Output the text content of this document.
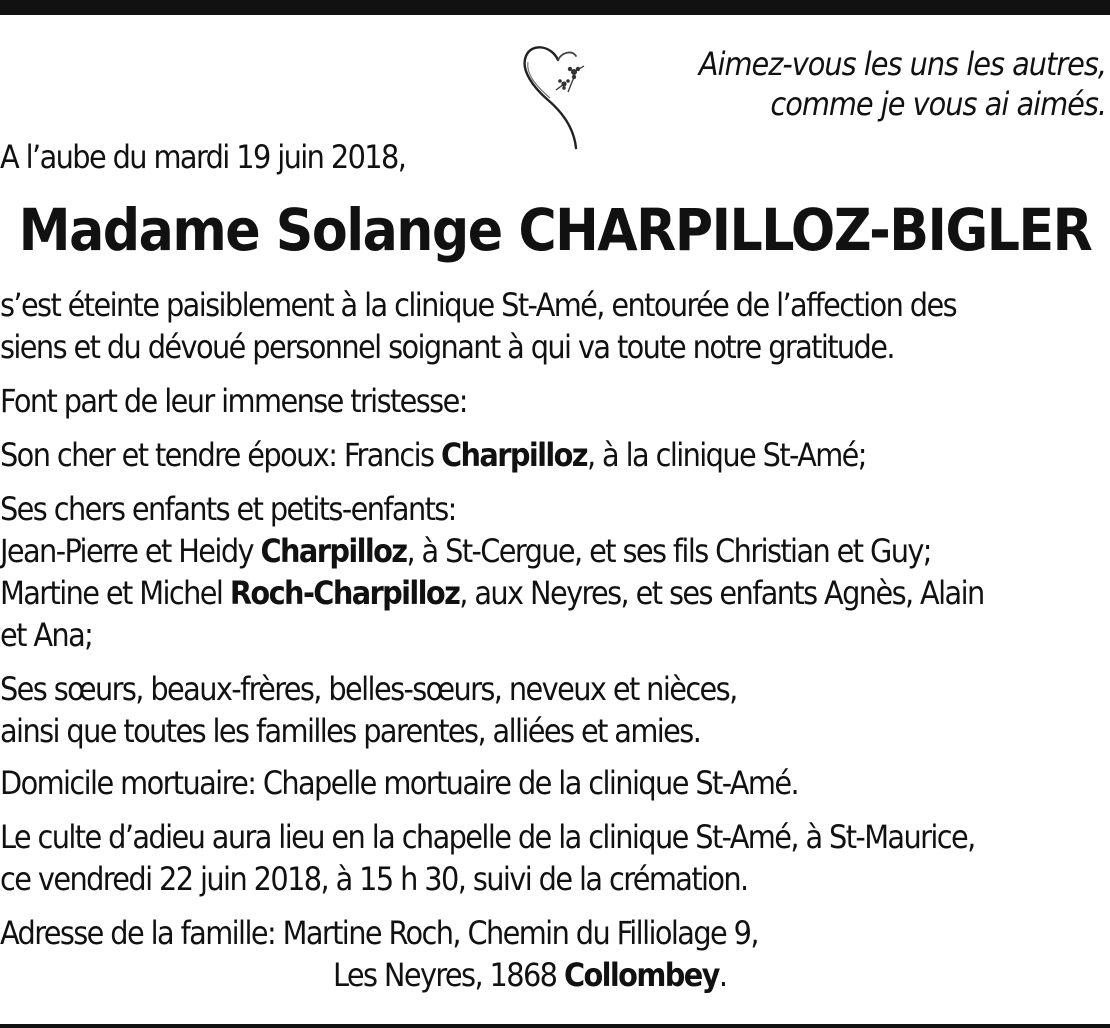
Aimez-vous les uns les autres,
comme je vous ai aimés.
A l’aube du mardi 19 juin 2018,
Madame Solange CHARPILLOZ-BIGLER
s’est éteinte paisiblement à la clinique St-Amé, entourée de l’affection des
siens et du dévoué personnel soignant à qui va toute notre gratitude.
Font part de leur immense tristesse:
Son cher et tendre époux: Francis Charpilloz, à la clinique St-Amé;
Ses chers enfants et petits-enfants:
Jean-Pierre et Heidy Charpilloz, à St-Cergue, et ses fils Christian et Guy;
Martine et Michel Roch-Charpilloz, aux Neyres, et ses enfants Agnès, Alain
et Ana;
Ses sœurs, beaux-frères, belles-sœurs, neveux et nièces,
ainsi que toutes les familles parentes, alliées et amies.
Domicile mortuaire: Chapelle mortuaire de la clinique St-Amé.
Le culte d’adieu aura lieu en la chapelle de la clinique St-Amé, à St-Maurice,
ce vendredi 22 juin 2018, à 15 h 30, suivi de la crémation.
Adresse de la famille: Martine Roch, Chemin du Filliolage 9,
Les Neyres, 1868 Collombey.
